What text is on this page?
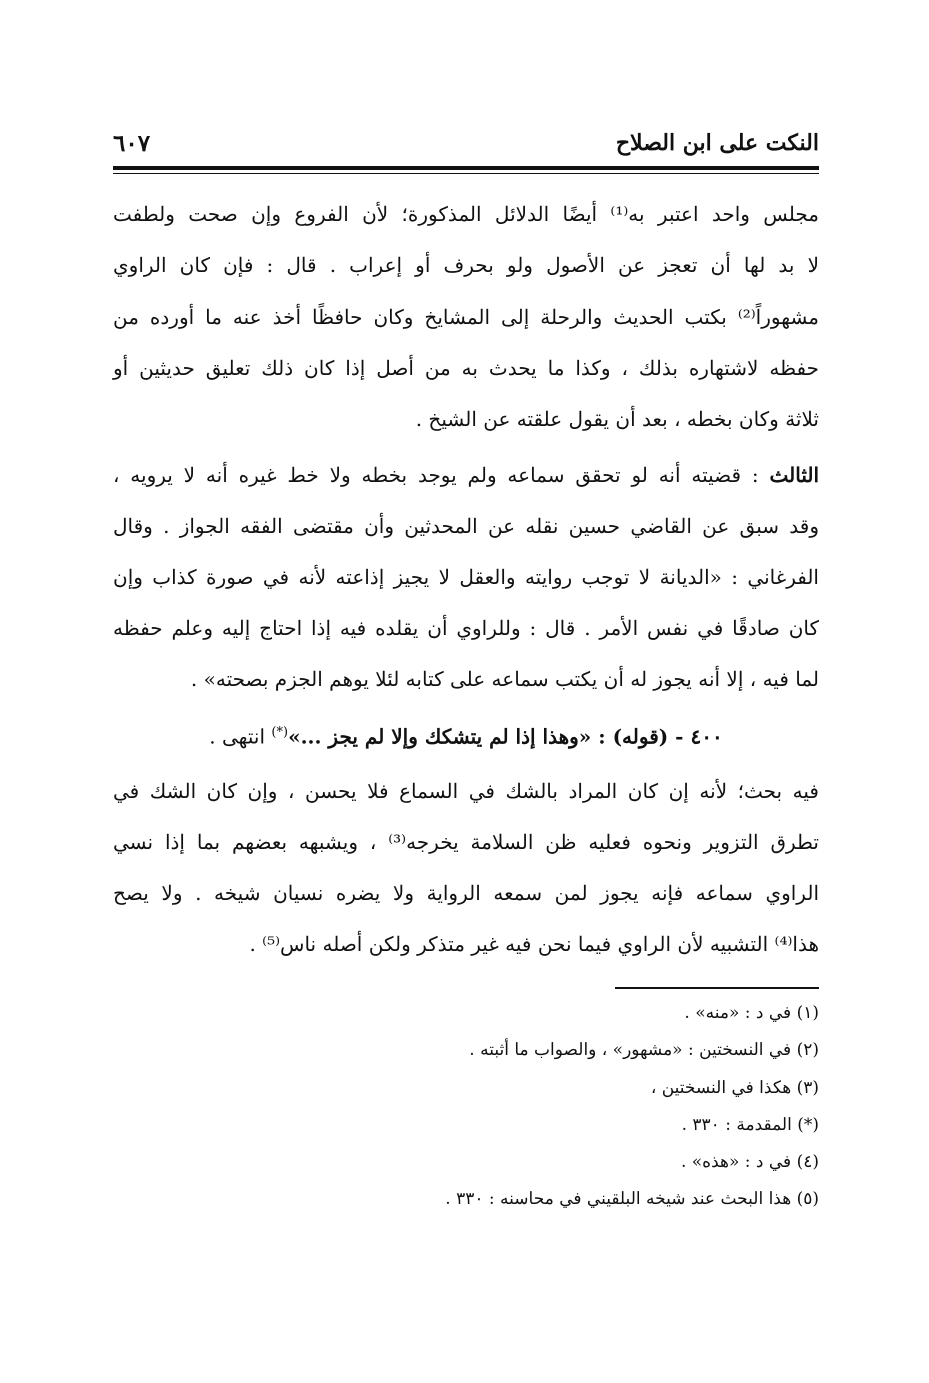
النكت على ابن الصلاح
٦٠٧
مجلس واحد اعتبر به⁽¹⁾ أيضًا الدلائل المذكورة؛ لأن الفروع وإن صحت ولطفت
لا بد لها أن تعجز عن الأصول ولو بحرف أو إعراب . قال : فإن كان الراوي
مشهوراً⁽²⁾ بكتب الحديث والرحلة إلى المشايخ وكان حافظًا أخذ عنه ما أورده من
حفظه لاشتهاره بذلك ، وكذا ما يحدث به من أصل إذا كان ذلك تعليق حديثين أو
ثلاثة وكان بخطه ، بعد أن يقول علقته عن الشيخ .
الثالث : قضيته أنه لو تحقق سماعه ولم يوجد بخطه ولا خط غيره أنه لا يرويه ،
وقد سبق عن القاضي حسين نقله عن المحدثين وأن مقتضى الفقه الجواز . وقال
الفرغاني : «الديانة لا توجب روايته والعقل لا يجيز إذاعته لأنه في صورة كذاب وإن
كان صادقًا في نفس الأمر . قال : وللراوي أن يقلده فيه إذا احتاج إليه وعلم حفظه
لما فيه ، إلا أنه يجوز له أن يكتب سماعه على كتابه لئلا يوهم الجزم بصحته» .
٤٠٠ - (قوله) : «وهذا إذا لم يتشكك وإلا لم يجز ...»(*) انتهى .
فيه بحث؛ لأنه إن كان المراد بالشك في السماع فلا يحسن ، وإن كان الشك في
تطرق التزوير ونحوه فعليه ظن السلامة يخرجه⁽³⁾ ، ويشبهه بعضهم بما إذا نسي
الراوي سماعه فإنه يجوز لمن سمعه الرواية ولا يضره نسيان شيخه . ولا يصح
هذا⁽⁴⁾ التشبيه لأن الراوي فيما نحن فيه غير متذكر ولكن أصله ناس⁽⁵⁾ .
(١) في د : «منه» .
(٢) في النسختين : «مشهور» ، والصواب ما أثبته .
(٣) هكذا في النسختين ،
(*) المقدمة : ٣٣٠ .
(٤) في د : «هذه» .
(٥) هذا البحث عند شيخه البلقيني في محاسنه : ٣٣٠ .
